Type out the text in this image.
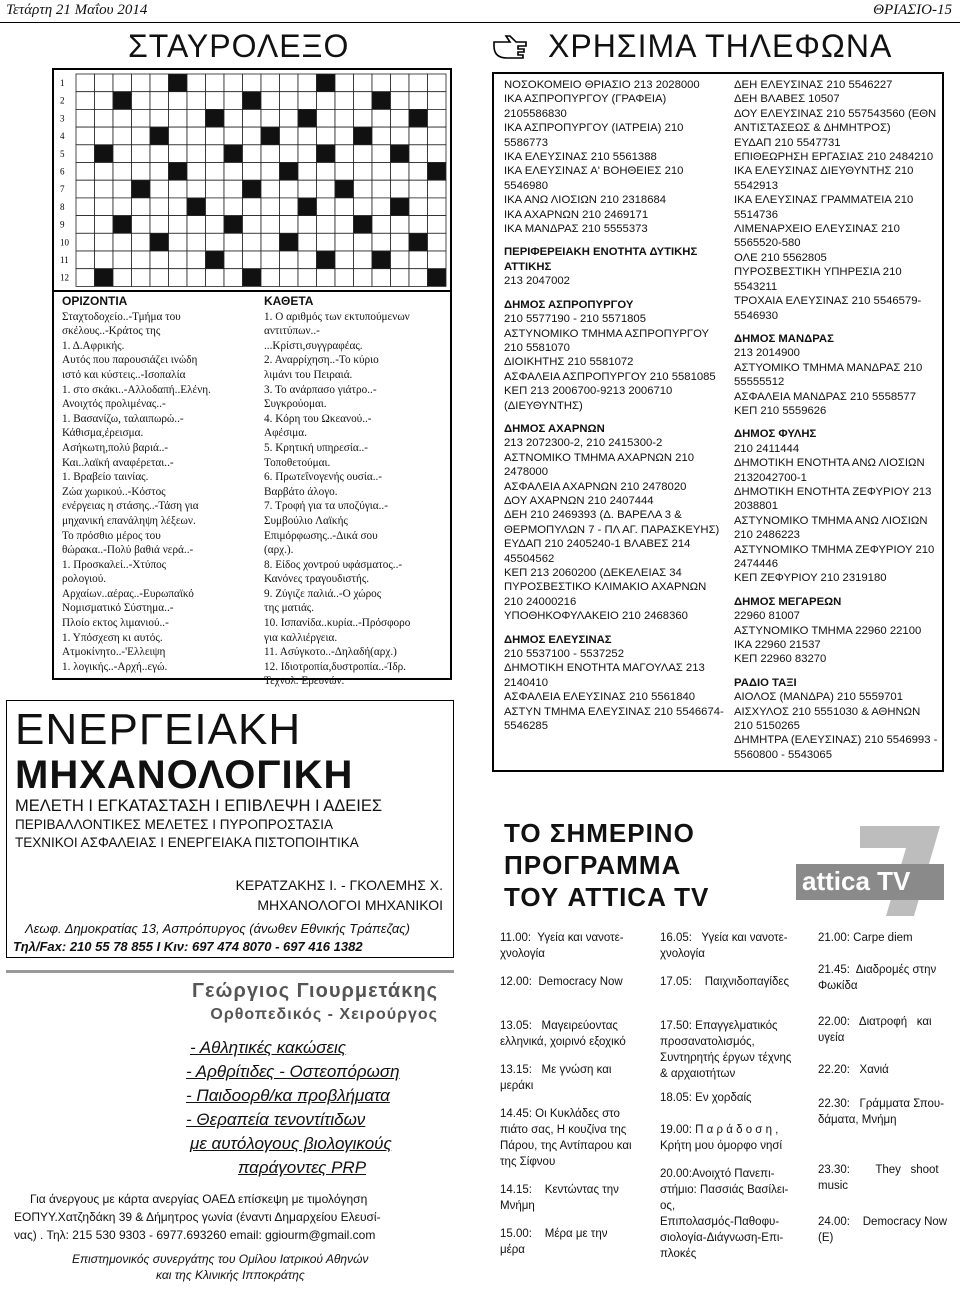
Τετάρτη 21 Μαΐου 2014	ΘΡΙΑΣΙΟ-15
ΣΤΑΥΡΟΛΕΞΟ
1
2
3
4
5
6
7
8
9
10
11
12
ΟΡΙΖΟΝΤΙΑ
Σταχτοδοχείο..-Τμήμα του
σκέλους..-Κράτος της
1. Δ.Αφρικής.
Αυτός που παρουσιάζει ινώδη
ιστό και κύστεις..-Ισοπαλία
1. στο σκάκι..-Αλλοδαπή..Ελένη.
Ανοιχτός προλιμένας..-
1. Βασανίζω, ταλαιπωρώ..-
Κάθισμα,έρεισμα.
Ασήκωτη,πολύ βαριά..-
Και..λαϊκή αναφέρεται..-
1. Βραβείο ταινίας.
Ζώα χωρικού..-Κόστος
ενέργειας η στάσης..-Τάση για
μηχανική επανάληψη λέξεων.
Το πρόσθιο μέρος του
θώρακα..-Πολύ βαθιά νερά..-
1. Προσκαλεί..-Χτύπος
ρολογιού.
Αρχαίων..αέρας..-Ευρωπαϊκό
Νομισματικό Σύστημα..-
Πλοίο εκτος λιμανιού..-
1. Υπόσχεση κι αυτός.
Ατμοκίνητο..-'Ελλειψη
1. λογικής..-Αρχή..εγώ.
ΚΑΘΕΤΑ
1. Ο αριθμός των εκτυπούμενων
αντιτύπων..-
...Κρίστι,συγγραφέας.
2. Αναρρίχηση..-Το κύριο
λιμάνι του Πειραιά.
3. Το ανάρπασο γιάτρο..-
Συγκρούομαι.
4. Κόρη του Ωκεανού..-
Αφέσιμα.
5. Κρητική υπηρεσία..-
Τοποθετούμαι.
6. Πρωτεΐνογενής ουσία..-
Βαρβάτο άλογο.
7. Τροφή για τα υποζύγια..-
Συμβούλιο Λαϊκής
Επιμόρφωσης..-Δικά σου
(αρχ.).
8. Είδος χοντρού υφάσματος..-
Κανόνες τραγουδιστής.
9. Ζύγιζε παλιά..-Ο χώρος
της ματιάς.
10. Ισπανίδα..κυρία..-Πρόσφορο
για καλλιέργεια.
11. Ασύγκοτο..-Δηλαδή(αρχ.)
12. Ιδιοτροπία,δυστροπία..-Ίδρ.
Τεχνολ. Ερευνών.
ΧΡΗΣΙΜΑ ΤΗΛΕΦΩΝΑ
ΝΟΣΟΚΟΜΕΙΟ ΘΡΙΑΣΙΟ 213 2028000
ΙΚΑ ΑΣΠΡΟΠΥΡΓΟΥ (ΓΡΑΦΕΙΑ) 2105586830
ΙΚΑ ΑΣΠΡΟΠΥΡΓΟΥ (ΙΑΤΡΕΙΑ) 210 5586773
ΙΚΑ ΕΛΕΥΣΙΝΑΣ 210 5561388
ΙΚΑ ΕΛΕΥΣΙΝΑΣ Α' ΒΟΗΘΕΙΕΣ 210 5546980
ΙΚΑ ΑΝΩ ΛΙΟΣΙΩΝ 210 2318684
ΙΚΑ ΑΧΑΡΝΩΝ 210 2469171
ΙΚΑ ΜΑΝΔΡΑΣ 210 5555373
ΠΕΡΙΦΕΡΕΙΑΚΗ ΕΝΟΤΗΤΑ ΔΥΤΙΚΗΣ ΑΤΤΙΚΗΣ
213 2047002
ΔΗΜΟΣ ΑΣΠΡΟΠΥΡΓΟΥ
210 5577190 - 210 5571805
ΑΣΤΥΝΟΜΙΚΟ ΤΜΗΜΑ ΑΣΠΡΟΠΥΡΓΟΥ 210 5581070
ΔΙΟΙΚΗΤΗΣ 210 5581072
ΑΣΦΑΛΕΙΑ ΑΣΠΡΟΠΥΡΓΟΥ 210 5581085
ΚΕΠ 213 2006700-9213 2006710 (ΔΙΕΥΘΥΝΤΗΣ)
ΔΗΜΟΣ ΑΧΑΡΝΩΝ
213 2072300-2, 210 2415300-2
ΑΣΤΝΟΜΙΚΟ ΤΜΗΜΑ ΑΧΑΡΝΩΝ 210 2478000
ΑΣΦΑΛΕΙΑ ΑΧΑΡΝΩΝ 210 2478020
ΔΟΥ ΑΧΑΡΝΩΝ 210 2407444
ΔΕΗ 210 2469393 (Δ. ΒΑΡΕΛΑ 3 & ΘΕΡΜΟΠΥΛΩΝ 7 - ΠΛ ΑΓ. ΠΑΡΑΣΚΕΥΗΣ)
ΕΥΔΑΠ 210 2405240-1 ΒΛΑΒΕΣ 214 45504562
ΚΕΠ 213 2060200 (ΔΕΚΕΛΕΙΑΣ 34
ΠΥΡΟΣΒΕΣΤΙΚΟ ΚΛΙΜΑΚΙΟ ΑΧΑΡΝΩΝ 210 24000216
ΥΠΟΘΗΚΟΦΥΛΑΚΕΙΟ 210 2468360
ΔΗΜΟΣ ΕΛΕΥΣΙΝΑΣ
210 5537100 - 5537252
ΔΗΜΟΤΙΚΗ ΕΝΟΤΗΤΑ ΜΑΓΟΥΛΑΣ 213 2140410
ΑΣΦΑΛΕΙΑ ΕΛΕΥΣΙΝΑΣ 210 5561840
ΑΣΤΥΝ ΤΜΗΜΑ ΕΛΕΥΣΙΝΑΣ 210 5546674-5546285
ΔΕΗ ΕΛΕΥΣΙΝΑΣ 210 5546227
ΔΕΗ ΒΛΑΒΕΣ 10507
ΔΟΥ ΕΛΕΥΣΙΝΑΣ 210 557543560 (ΕΘΝ ΑΝΤΙΣΤΑΣΕΩΣ & ΔΗΜΗΤΡΟΣ)
ΕΥΔΑΠ 210 5547731
ΕΠΙΘΕΩΡΗΣΗ ΕΡΓΑΣΙΑΣ 210 2484210
ΙΚΑ ΕΛΕΥΣΙΝΑΣ ΔΙΕΥΘΥΝΤΗΣ 210 5542913
ΙΚΑ ΕΛΕΥΣΙΝΑΣ ΓΡΑΜΜΑΤΕΙΑ 210 5514736
ΛΙΜΕΝΑΡΧΕΙΟ ΕΛΕΥΣΙΝΑΣ 210 5565520-580
ΟΛΕ 210 5562805
ΠΥΡΟΣΒΕΣΤΙΚΗ ΥΠΗΡΕΣΙΑ 210 5543211
ΤΡΟΧΑΙΑ ΕΛΕΥΣΙΝΑΣ 210 5546579-5546930
ΔΗΜΟΣ ΜΑΝΔΡΑΣ
213 2014900
ΑΣΤΥΟΜΙΚΟ ΤΜΗΜΑ ΜΑΝΔΡΑΣ 210 55555512
ΑΣΦΑΛΕΙΑ ΜΑΝΔΡΑΣ 210 5558577
ΚΕΠ 210 5559626
ΔΗΜΟΣ ΦΥΛΗΣ
210 2411444
ΔΗΜΟΤΙΚΗ ΕΝΟΤΗΤΑ ΑΝΩ ΛΙΟΣΙΩΝ 2132042700-1
ΔΗΜΟΤΙΚΗ ΕΝΟΤΗΤΑ ΖΕΦΥΡΙΟΥ 213 2038801
ΑΣΤΥΝΟΜΙΚΟ ΤΜΗΜΑ ΑΝΩ ΛΙΟΣΙΩΝ 210 2486223
ΑΣΤΥΝΟΜΙΚΟ ΤΜΗΜΑ ΖΕΦΥΡΙΟΥ 210 2474446
ΚΕΠ ΖΕΦΥΡΙΟΥ 210 2319180
ΔΗΜΟΣ ΜΕΓΑΡΕΩΝ
22960 81007
ΑΣΤΥΝΟΜΙΚΟ ΤΜΗΜΑ 22960 22100
ΙΚΑ 22960 21537
ΚΕΠ 22960 83270
ΡΑΔΙΟ ΤΑΞΙ
ΑΙΟΛΟΣ (ΜΑΝΔΡΑ) 210 5559701
ΑΙΣΧΥΛΟΣ 210 5551030 & ΑΘΗΝΩΝ 210 5150265
ΔΗΜΗΤΡΑ (ΕΛΕΥΣΙΝΑΣ) 210 5546993 - 5560800 - 5543065
ΕΝΕΡΓΕΙΑΚΗ
ΜΗΧΑΝΟΛΟΓΙΚΗ
ΜΕΛΕΤΗ Ι ΕΓΚΑΤΑΣΤΑΣΗ Ι ΕΠΙΒΛΕΨΗ Ι ΑΔΕΙΕΣ
ΠΕΡΙΒΑΛΛΟΝΤΙΚΕΣ ΜΕΛΕΤΕΣ Ι ΠΥΡΟΠΡΟΣΤΑΣΙΑ
ΤΕΧΝΙΚΟΙ ΑΣΦΑΛΕΙΑΣ Ι ΕΝΕΡΓΕΙΑΚΑ ΠΙΣΤΟΠΟΙΗΤΙΚΑ
ΚΕΡΑΤΖΑΚΗΣ Ι. - ΓΚΟΛΕΜΗΣ Χ.
ΜΗΧΑΝΟΛΟΓΟΙ ΜΗΧΑΝΙΚΟΙ
Λεωφ. Δημοκρατίας 13, Ασπρόπυργος (άνωθεν Εθνικής Τράπεζας)
Τηλ/Fax: 210 55 78 855 Ι Κιν: 697 474 8070 - 697 416 1382
Γεώργιος Γιουρμετάκης
Ορθοπεδικός - Χειρούργος
- Αθλητικές κακώσεις
- Αρθρίτιδες - Οστεοπόρωση
- Παιδοορθ/κα προβλήματα
- Θεραπεία τενοντίτιδων
με αυτόλογους βιολογικούς
παράγοντες PRP
Για άνεργους με κάρτα ανεργίας ΟΑΕΔ επίσκεψη με τιμολόγηση
ΕΟΠΥΥ.Χατζηδάκη 39 & Δήμητρος γωνία (έναντι Δημαρχείου Ελευσί-
νας) . Τηλ: 215 530 9303 - 6977.693260 email: ggiourm@gmail.com
Επιστημονικός συνεργάτης του Ομίλου Ιατρικού Αθηνών
και της Κλινικής Ιπποκράτης
ΤΟ ΣΗΜΕΡΙΝΟ
ΠΡΟΓΡΑΜΜΑ
ΤΟΥ ATTICA TV
attica TV
11.00:  Υγεία και νανοτε-
χνολογία
12.00:  Democracy Now
13.05:   Μαγειρεύοντας
ελληνικά, χοιρινό εξοχικό
13.15:   Με γνώση και
μεράκι
14.45: Οι Κυκλάδες στο
πιάτο σας, Η κουζίνα της
Πάρου, της Αντίπαρου και
της Σίφνου
14.15:    Κεντώντας την
Μνήμη
15.00:    Μέρα με την
μέρα
16.05:   Υγεία και νανοτε-
χνολογία
17.05:    Παιχνιδοπαγίδες
17.50: Επαγγελματικός
προσανατολισμός,
Συντηρητής έργων τέχνης
& αρχαιοτήτων
18.05: Εν χορδαίς
19.00: Π α ρ ά δ ο σ η ,
Κρήτη μου όμορφο νησί
20.00:Ανοιχτό Πανεπι-
στήμιο: Πασσιάς Βασίλει-
ος,
Επιπολασμός-Παθοφυ-
σιολογία-Διάγνωση-Επι-
πλοκές
21.00: Carpe diem
21.45:  Διαδρομές στην
Φωκίδα
22.00:   Διατροφή   και
υγεία
22.20:   Χανιά
22.30:   Γράμματα Σπου-
δάματα, Μνήμη
23.30:        They   shoot
music
24.00:    Democracy Now
(E)
